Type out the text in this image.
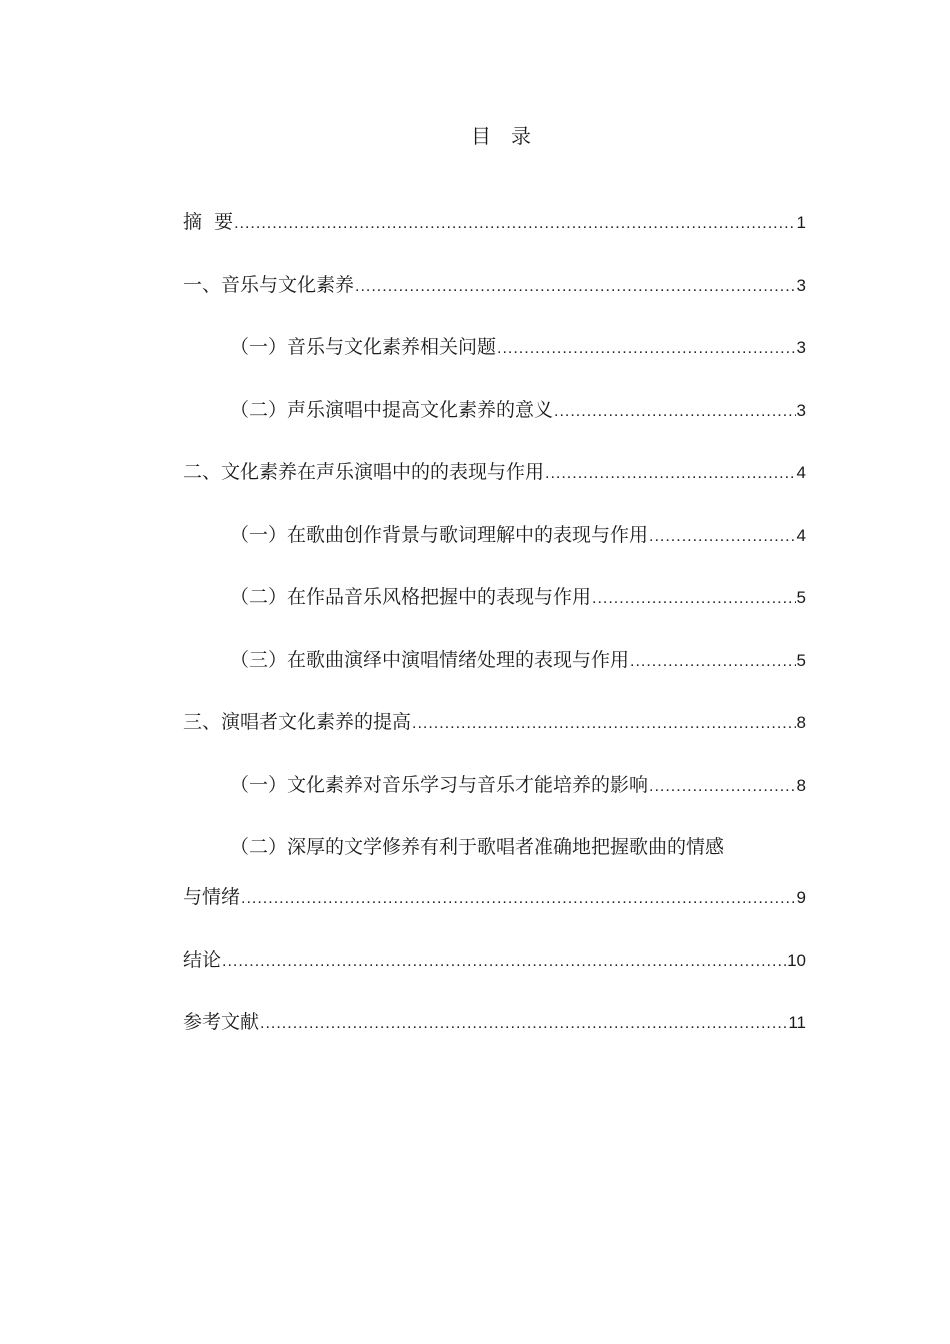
目 录
摘  要 .....	1
一、音乐与文化素养 .....	3
（一）音乐与文化素养相关问题 .....	3
（二）声乐演唱中提高文化素养的意义 .....	3
二、文化素养在声乐演唱中的的表现与作用 .....	4
（一）在歌曲创作背景与歌词理解中的表现与作用 .....	4
（二）在作品音乐风格把握中的表现与作用 .....	5
（三）在歌曲演绎中演唱情绪处理的表现与作用 .....	5
三、演唱者文化素养的提高 .....	8
（一）文化素养对音乐学习与音乐才能培养的影响 .....	8
（二）深厚的文学修养有利于歌唱者准确地把握歌曲的情感
与情绪 .....	9
结论 .....	10
参考文献 .....	11
